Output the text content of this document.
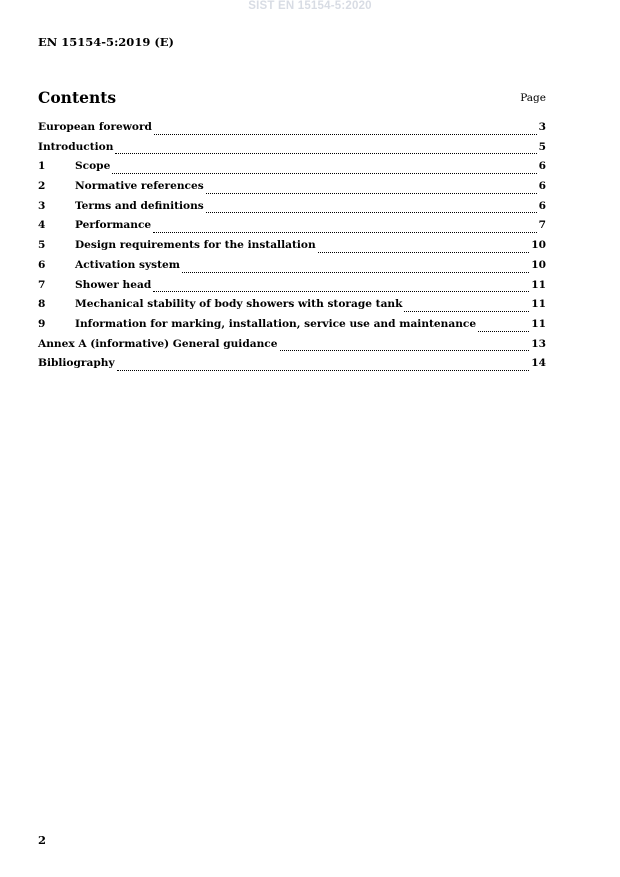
SIST EN 15154-5:2020
EN 15154-5:2019 (E)
Contents	Page
European foreword	3
Introduction	5
1	Scope	6
2	Normative references	6
3	Terms and definitions	6
4	Performance	7
5	Design requirements for the installation	10
6	Activation system	10
7	Shower head	11
8	Mechanical stability of body showers with storage tank	11
9	Information for marking, installation, service use and maintenance	11
Annex A (informative) General guidance	13
Bibliography	14
2
